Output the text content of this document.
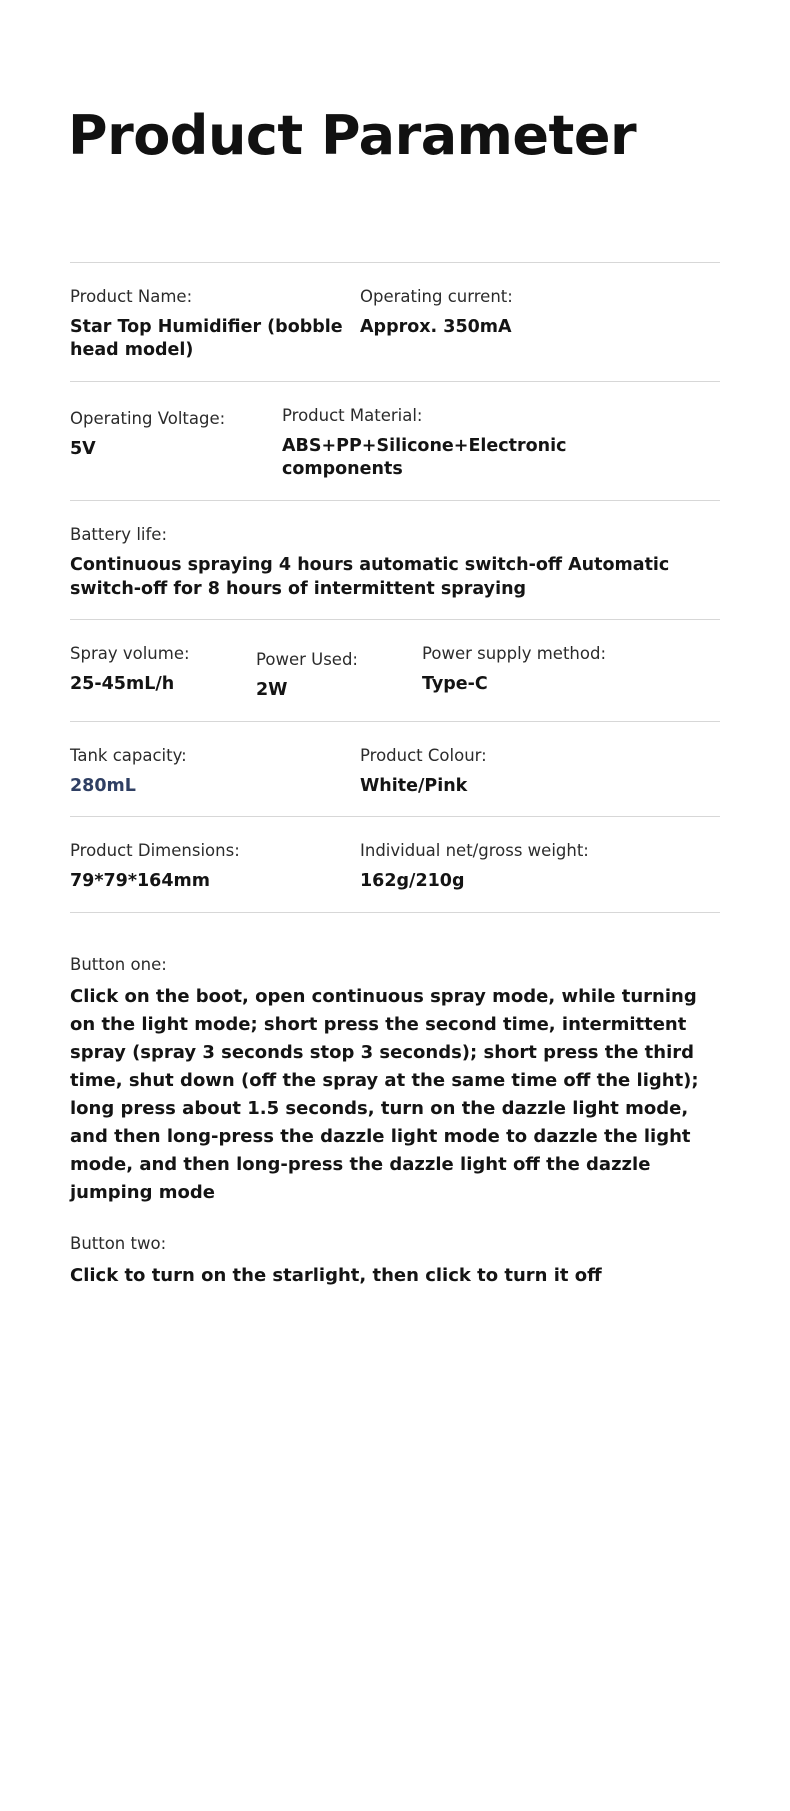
Product Parameter
Product Name:
Star Top Humidifier (bobble head model)
Operating current:
Approx. 350mA
Operating Voltage:
5V
Product Material:
ABS+PP+Silicone+Electronic components
Battery life:
Continuous spraying 4 hours automatic switch-off Automatic switch-off for 8 hours of intermittent spraying
Spray volume:
25-45mL/h
Power Used:
2W
Power supply method:
Type-C
Tank capacity:
280mL
Product Colour:
White/Pink
Product Dimensions:
79*79*164mm
Individual net/gross weight:
162g/210g
Button one:
Click on the boot, open continuous spray mode, while turning on the light mode; short press the second time, intermittent spray (spray 3 seconds stop 3 seconds); short press the third time, shut down (off the spray at the same time off the light); long press about 1.5 seconds, turn on the dazzle light mode, and then long-press the dazzle light mode to dazzle the light mode, and then long-press the dazzle light off the dazzle jumping mode
Button two:
Click to turn on the starlight, then click to turn it off
